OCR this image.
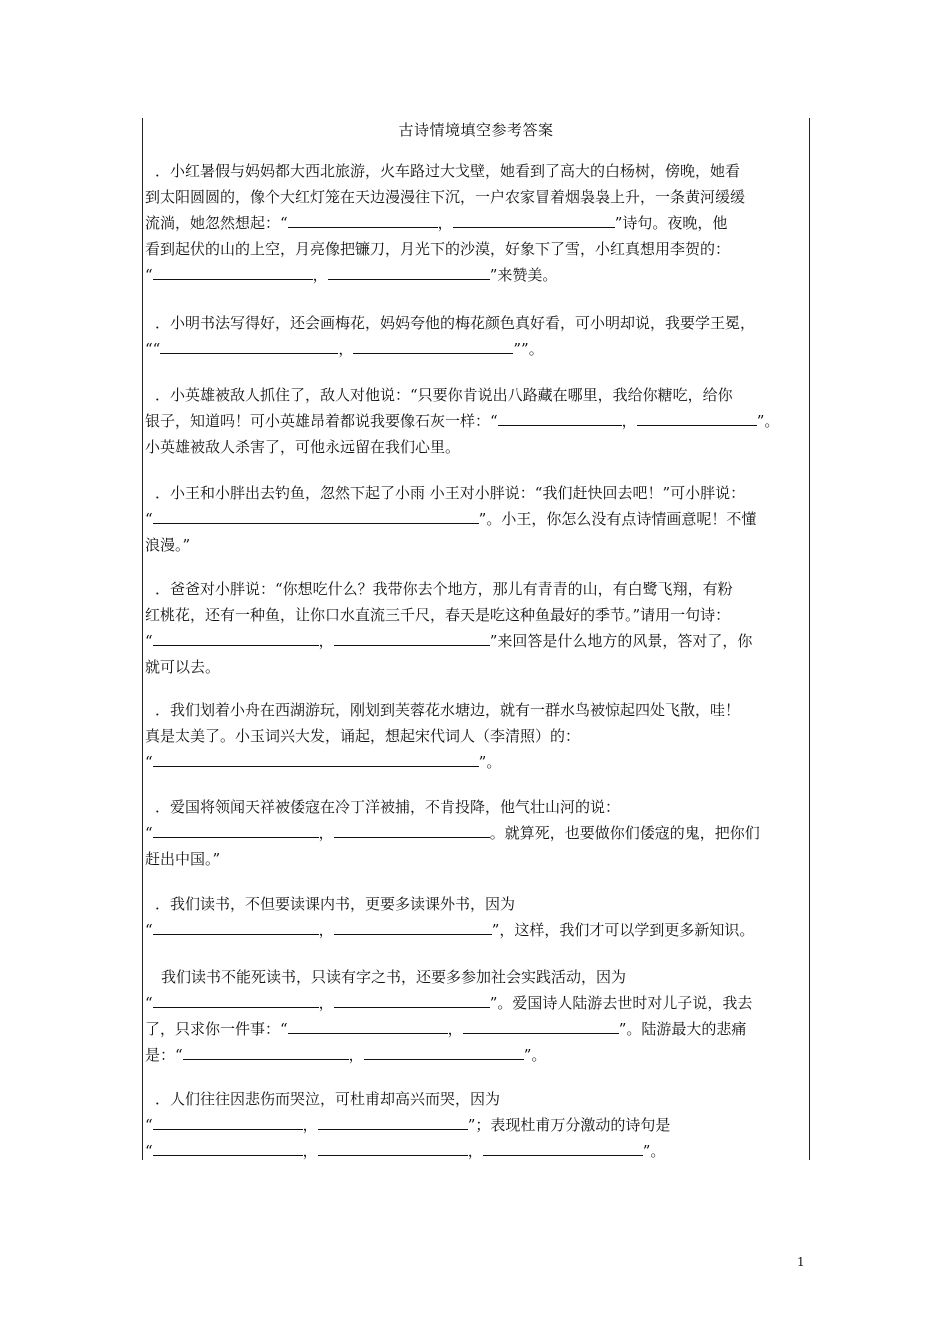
古诗情境填空参考答案
．小红暑假与妈妈都大西北旅游，火车路过大戈壁，她看到了高大的白杨树，傍晚，她看
到太阳圆圆的，像个大红灯笼在天边漫漫往下沉，一户农家冒着烟袅袅上升，一条黄河缓缓
流淌，她忽然想起：“	，	”诗句。夜晚，他
看到起伏的山的上空，月亮像把镰刀，月光下的沙漠，好象下了雪，小红真想用李贺的：
“	，	”来赞美。
．小明书法写得好，还会画梅花，妈妈夸他的梅花颜色真好看，可小明却说，我要学王冕，
““	，	””。
．小英雄被敌人抓住了，敌人对他说：“只要你肯说出八路藏在哪里，我给你糖吃，给你
银子，知道吗！可小英雄昂着都说我要像石灰一样：“	，	”。
小英雄被敌人杀害了，可他永远留在我们心里。
．小王和小胖出去钓鱼，忽然下起了小雨 小王对小胖说：“我们赶快回去吧！”可小胖说：
“	”。小王，你怎么没有点诗情画意呢！不懂
浪漫。”
．爸爸对小胖说：“你想吃什么？我带你去个地方，那儿有青青的山，有白鹭飞翔，有粉
红桃花，还有一种鱼，让你口水直流三千尺，春天是吃这种鱼最好的季节。”请用一句诗：
“	，	”来回答是什么地方的风景，答对了，你
就可以去。
．我们划着小舟在西湖游玩，刚划到芙蓉花水塘边，就有一群水鸟被惊起四处飞散，哇！
真是太美了。小玉词兴大发，诵起，想起宋代词人（李清照）的：
“	”。
．爱国将领闻天祥被倭寇在冷丁洋被捕，不肯投降，他气壮山河的说：
“	，	。就算死，也要做你们倭寇的鬼，把你们
赶出中国。”
．我们读书，不但要读课内书，更要多读课外书，因为
“	，	”，这样，我们才可以学到更多新知识。
我们读书不能死读书，只读有字之书，还要多参加社会实践活动，因为
“	，	”。爱国诗人陆游去世时对儿子说，我去
了，只求你一件事：“	，	”。陆游最大的悲痛
是：“	，	”。
．人们往往因悲伤而哭泣，可杜甫却高兴而哭，因为
“	，	”；表现杜甫万分激动的诗句是
“	，	，	”。
1
